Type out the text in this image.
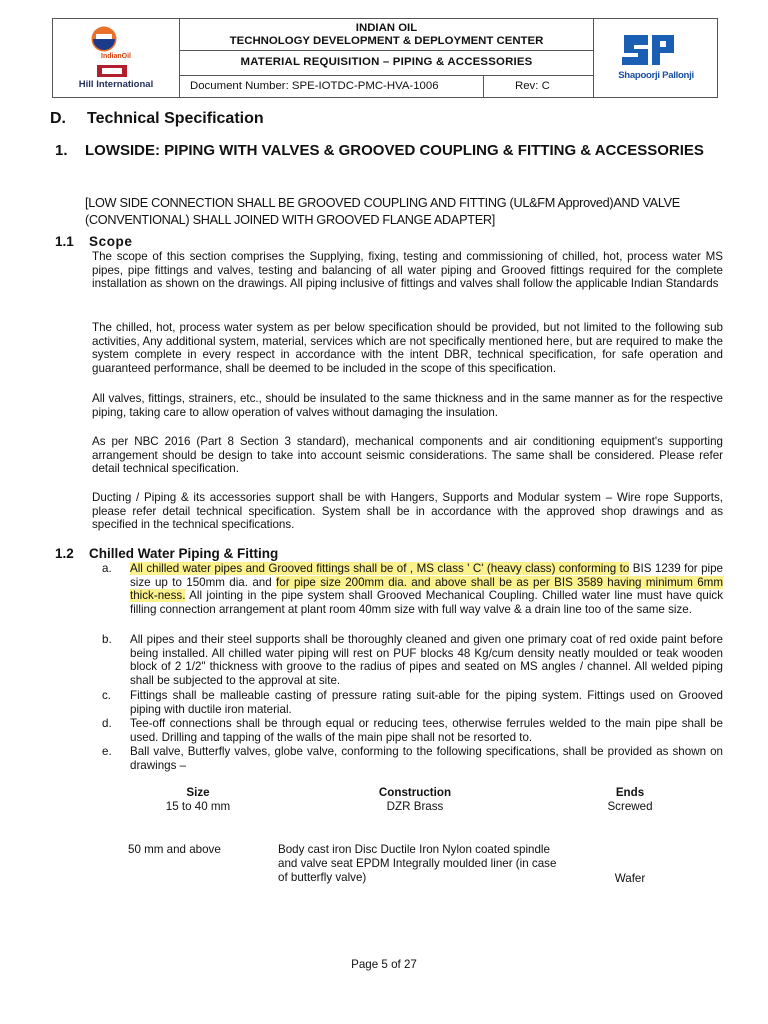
IndianOil
Hill International
INDIAN OIL
TECHNOLOGY DEVELOPMENT & DEPLOYMENT CENTER
MATERIAL REQUISITION – PIPING & ACCESSORIES
Document Number: SPE-IOTDC-PMC-HVA-1006	Rev: C
Shapoorji Pallonji
D. Technical Specification
1. LOWSIDE: PIPING WITH VALVES & GROOVED COUPLING & FITTING & ACCESSORIES
[LOW SIDE CONNECTION SHALL BE GROOVED COUPLING AND FITTING (UL&FM Approved)AND VALVE (CONVENTIONAL) SHALL JOINED WITH GROOVED FLANGE ADAPTER]
1.1 Scope

The scope of this section comprises the Supplying, fixing, testing and commissioning of chilled, hot, process water MS pipes, pipe fittings and valves, testing and balancing of all water piping and Grooved fittings required for the complete installation as shown on the drawings. All piping inclusive of fittings and valves shall follow the applicable Indian Standards

The chilled, hot, process water system as per below specification should be provided, but not limited to the following sub activities, Any additional system, material, services which are not specifically mentioned here, but are required to make the system complete in every respect in accordance with the intent DBR, technical specification, for safe operation and guaranteed performance, shall be deemed to be included in the scope of this specification.

All valves, fittings, strainers, etc., should be insulated to the same thickness and in the same manner as for the respective piping, taking care to allow operation of valves without damaging the insulation.

As per NBC 2016 (Part 8 Section 3 standard), mechanical components and air conditioning equipment's supporting arrangement should be design to take into account seismic considerations. The same shall be considered. Please refer detail technical specification.

Ducting / Piping & its accessories support shall be with Hangers, Supports and Modular system – Wire rope Supports, please refer detail technical specification. System shall be in accordance with the approved shop drawings and as specified in the technical specifications.

1.2 Chilled Water Piping & Fitting
a. All chilled water pipes and Grooved fittings shall be of , MS class ' C' (heavy class) conforming to BIS 1239 for pipe size up to 150mm dia. and for pipe size 200mm dia. and above shall be as per BIS 3589 having minimum 6mm thick-ness. All jointing in the pipe system shall Grooved Mechanical Coupling. Chilled water line must have quick filling connection arrangement at plant room 40mm size with full way valve & a drain line too of the same size.
b. All pipes and their steel supports shall be thoroughly cleaned and given one primary coat of red oxide paint before being installed. All chilled water piping will rest on PUF blocks 48 Kg/cum density neatly moulded or teak wooden block of 2 1/2" thickness with groove to the radius of pipes and seated on MS angles / channel. All welded piping shall be subjected to the approval at site.
c. Fittings shall be malleable casting of pressure rating suit-able for the piping system. Fittings used on Grooved piping with ductile iron material.
d. Tee-off connections shall be through equal or reducing tees, otherwise ferrules welded to the main pipe shall be used. Drilling and tapping of the walls of the main pipe shall not be resorted to.
e. Ball valve, Butterfly valves, globe valve, conforming to the following specifications, shall be provided as shown on drawings –
Size	Construction	Ends
15 to 40 mm	DZR Brass	Screwed
50 mm and above	Body cast iron Disc Ductile Iron Nylon coated spindle and valve seat EPDM Integrally moulded liner (in case of butterfly valve)	Wafer
Page 5 of 27
